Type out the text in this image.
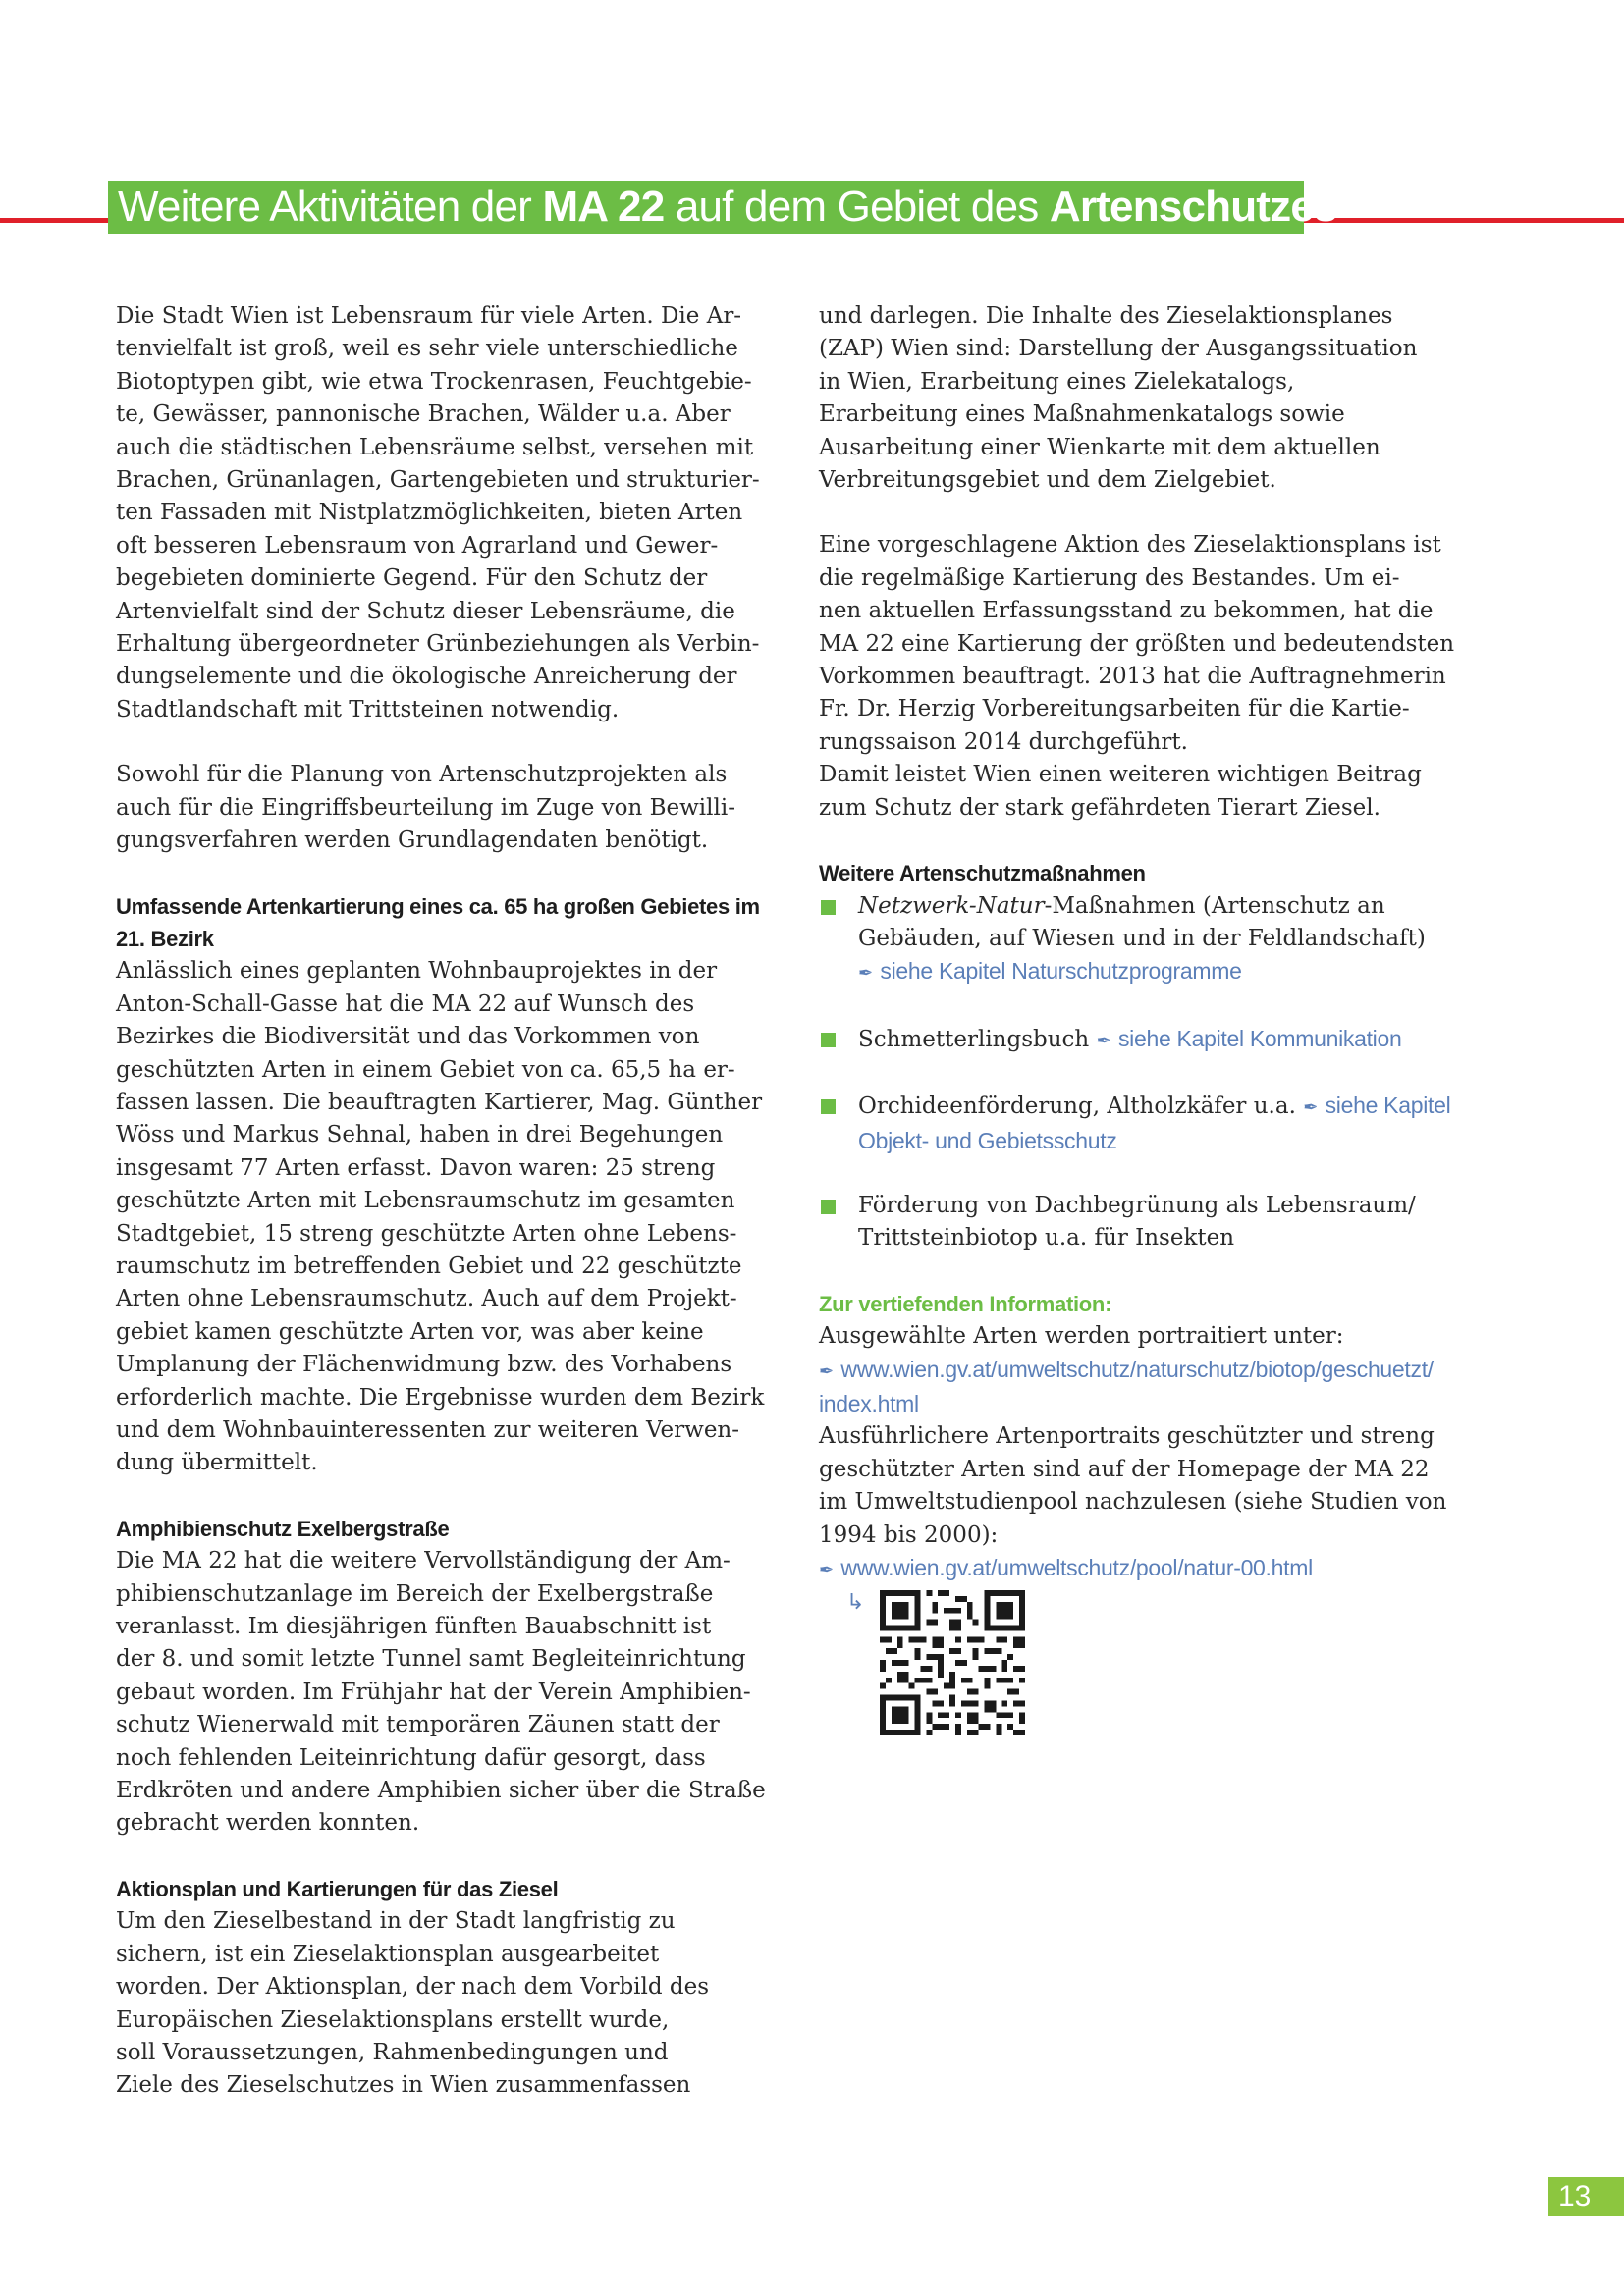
Weitere Aktivitäten der MA 22 auf dem Gebiet des Artenschutzes

Die Stadt Wien ist Lebensraum für viele Arten. Die Ar-

tenvielfalt ist groß, weil es sehr viele unterschiedliche

Biotoptypen gibt, wie etwa Trockenrasen, Feuchtgebie-

te, Gewässer, pannonische Brachen, Wälder u.a. Aber

auch die städtischen Lebensräume selbst, versehen mit

Brachen, Grünanlagen, Gartengebieten und strukturier-

ten Fassaden mit Nistplatzmöglichkeiten, bieten Arten

oft besseren Lebensraum von Agrarland und Gewer-

begebieten dominierte Gegend. Für den Schutz der

Artenvielfalt sind der Schutz dieser Lebensräume, die

Erhaltung übergeordneter Grünbeziehungen als Verbin-

dungselemente und die ökologische Anreicherung der

Stadtlandschaft mit Trittsteinen notwendig.

Sowohl für die Planung von Artenschutzprojekten als

auch für die Eingriffsbeurteilung im Zuge von Bewilli-

gungsverfahren werden Grundlagendaten benötigt.

Umfassende Artenkartierung eines ca. 65 ha großen Gebietes im

21. Bezirk

Anlässlich eines geplanten Wohnbauprojektes in der

Anton-Schall-Gasse hat die MA 22 auf Wunsch des

Bezirkes die Biodiversität und das Vorkommen von

geschützten Arten in einem Gebiet von ca. 65,5 ha er-

fassen lassen. Die beauftragten Kartierer, Mag. Günther

Wöss und Markus Sehnal, haben in drei Begehungen

insgesamt 77 Arten erfasst. Davon waren: 25 streng

geschützte Arten mit Lebensraumschutz im gesamten

Stadtgebiet, 15 streng geschützte Arten ohne Lebens-

raumschutz im betreffenden Gebiet und 22 geschützte

Arten ohne Lebensraumschutz. Auch auf dem Projekt-

gebiet kamen geschützte Arten vor, was aber keine

Umplanung der Flächenwidmung bzw. des Vorhabens

erforderlich machte. Die Ergebnisse wurden dem Bezirk

und dem Wohnbauinteressenten zur weiteren Verwen-

dung übermittelt.

Amphibienschutz Exelbergstraße

Die MA 22 hat die weitere Vervollständigung der Am-

phibienschutzanlage im Bereich der Exelbergstraße

veranlasst. Im diesjährigen fünften Bauabschnitt ist

der 8. und somit letzte Tunnel samt Begleiteinrichtung

gebaut worden. Im Frühjahr hat der Verein Amphibien-

schutz Wienerwald mit temporären Zäunen statt der

noch fehlenden Leiteinrichtung dafür gesorgt, dass

Erdkröten und andere Amphibien sicher über die Straße

gebracht werden konnten.

Aktionsplan und Kartierungen für das Ziesel

Um den Zieselbestand in der Stadt langfristig zu

sichern, ist ein Zieselaktionsplan ausgearbeitet

worden. Der Aktionsplan, der nach dem Vorbild des

Europäischen Zieselaktionsplans erstellt wurde,

soll Voraussetzungen, Rahmenbedingungen und

Ziele des Zieselschutzes in Wien zusammenfassen

und darlegen. Die Inhalte des Zieselaktionsplanes

(ZAP) Wien sind: Darstellung der Ausgangssituation

in Wien, Erarbeitung eines Zielekatalogs,

Erarbeitung eines Maßnahmenkatalogs sowie

Ausarbeitung einer Wienkarte mit dem aktuellen

Verbreitungsgebiet und dem Zielgebiet.

Eine vorgeschlagene Aktion des Zieselaktionsplans ist

die regelmäßige Kartierung des Bestandes. Um ei-

nen aktuellen Erfassungsstand zu bekommen, hat die

MA 22 eine Kartierung der größten und bedeutendsten

Vorkommen beauftragt. 2013 hat die Auftragnehmerin

Fr. Dr. Herzig Vorbereitungsarbeiten für die Kartie-

rungssaison 2014 durchgeführt.

Damit leistet Wien einen weiteren wichtigen Beitrag

zum Schutz der stark gefährdeten Tierart Ziesel.

Weitere Artenschutzmaßnahmen

Netzwerk-Natur-Maßnahmen (Artenschutz an

Gebäuden, auf Wiesen und in der Feldlandschaft)

✒ siehe Kapitel Naturschutzprogramme

Schmetterlingsbuch ✒ siehe Kapitel Kommunikation

Orchideenförderung, Altholzkäfer u.a. ✒ siehe Kapitel

Objekt- und Gebietsschutz

Förderung von Dachbegrünung als Lebensraum/

Trittsteinbiotop u.a. für Insekten

Zur vertiefenden Information:

Ausgewählte Arten werden portraitiert unter:

✒ www.wien.gv.at/umweltschutz/naturschutz/biotop/geschuetzt/

index.html

Ausführlichere Artenportraits geschützter und streng

geschützter Arten sind auf der Homepage der MA 22

im Umweltstudienpool nachzulesen (siehe Studien von

1994 bis 2000):

✒ www.wien.gv.at/umweltschutz/pool/natur-00.html

↳

13
